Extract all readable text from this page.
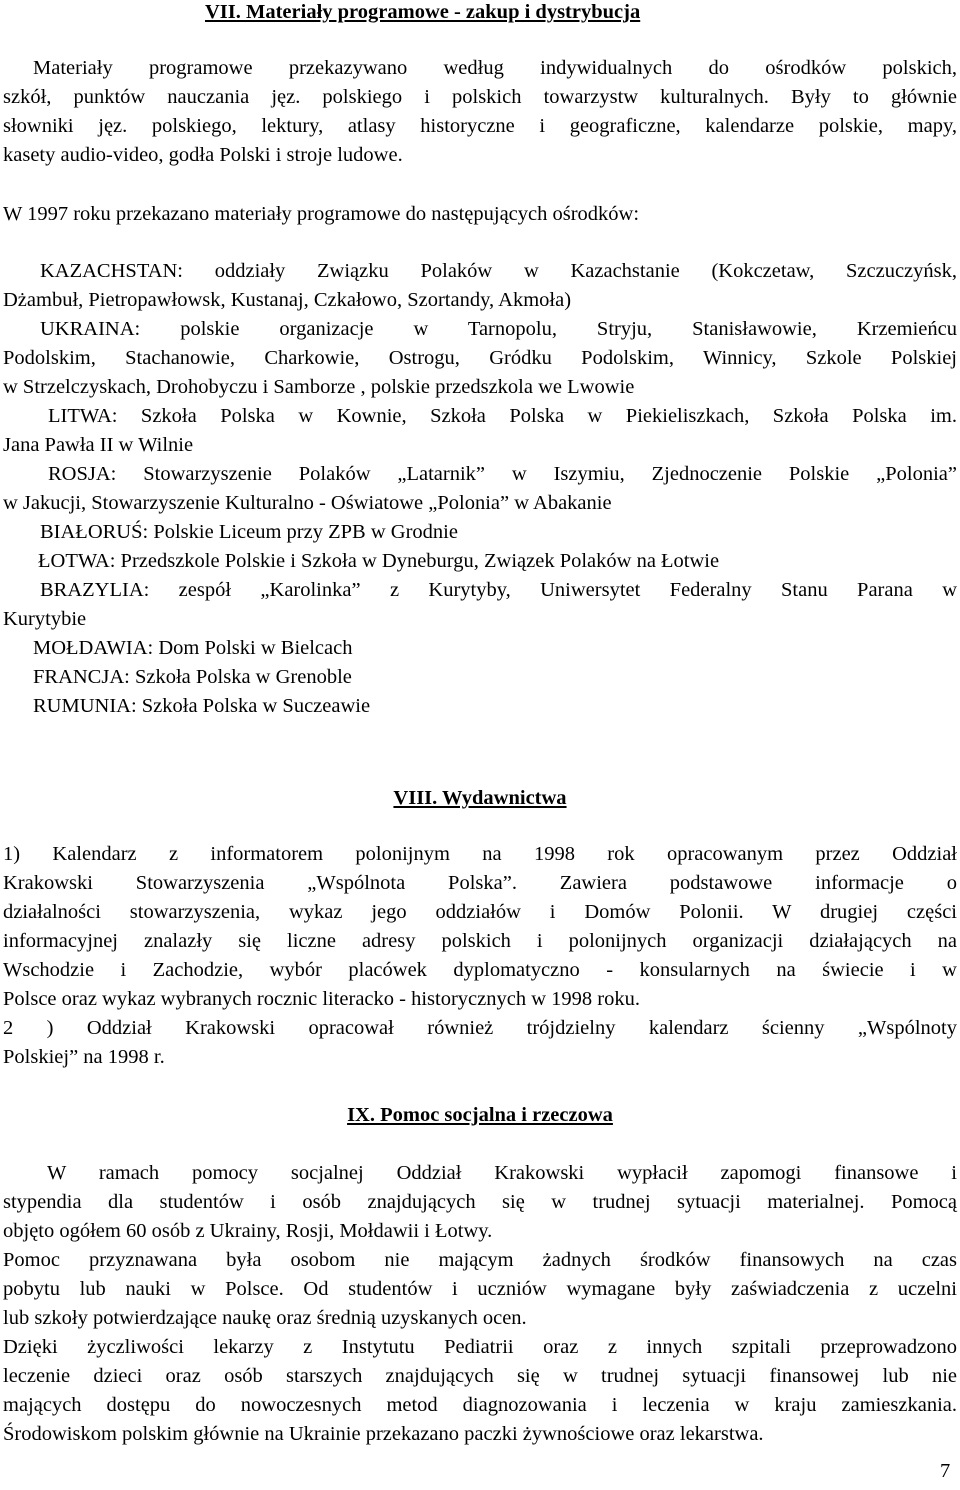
VII. Materiały programowe - zakup i dystrybucja
Materiały programowe przekazywano według indywidualnych do ośrodków polskich,
szkół, punktów nauczania jęz. polskiego i polskich towarzystw kulturalnych. Były to głównie
słowniki jęz. polskiego, lektury, atlasy historyczne i geograficzne, kalendarze polskie, mapy,
kasety audio-video, godła Polski i stroje ludowe.
W 1997 roku przekazano materiały programowe do następujących ośrodków:
KAZACHSTAN: oddziały Związku Polaków w Kazachstanie (Kokczetaw, Szczuczyńsk,
Dżambuł, Pietropawłowsk, Kustanaj, Czkałowo, Szortandy, Akmoła)
UKRAINA: polskie organizacje w Tarnopolu, Stryju, Stanisławowie, Krzemieńcu
Podolskim, Stachanowie, Charkowie, Ostrogu, Gródku Podolskim, Winnicy, Szkole Polskiej
w Strzelczyskach, Drohobyczu i Samborze , polskie przedszkola we Lwowie
LITWA: Szkoła Polska w Kownie, Szkoła Polska w Piekieliszkach, Szkoła Polska im.
Jana Pawła II w Wilnie
ROSJA: Stowarzyszenie Polaków „Latarnik” w Iszymiu, Zjednoczenie Polskie „Polonia”
w Jakucji, Stowarzyszenie Kulturalno - Oświatowe „Polonia” w Abakanie
BIAŁORUŚ: Polskie Liceum przy ZPB w Grodnie
ŁOTWA: Przedszkole Polskie i Szkoła w Dyneburgu, Związek Polaków na Łotwie
BRAZYLIA: zespół „Karolinka” z Kurytyby, Uniwersytet Federalny Stanu Parana w
Kurytybie
MOŁDAWIA: Dom Polski w Bielcach
FRANCJA: Szkoła Polska w Grenoble
RUMUNIA: Szkoła Polska w Suczeawie
VIII. Wydawnictwa
1) Kalendarz z informatorem polonijnym na 1998 rok opracowanym przez Oddział
Krakowski Stowarzyszenia „Wspólnota Polska”. Zawiera podstawowe informacje o
działalności stowarzyszenia, wykaz jego oddziałów i Domów Polonii. W drugiej części
informacyjnej znalazły się liczne adresy polskich i polonijnych organizacji działających na
Wschodzie i Zachodzie, wybór placówek dyplomatyczno - konsularnych na świecie i w
Polsce oraz wykaz wybranych rocznic literacko - historycznych w 1998 roku.
2 ) Oddział Krakowski opracował również trójdzielny kalendarz ścienny „Wspólnoty
Polskiej” na 1998 r.
IX. Pomoc socjalna i rzeczowa
W ramach pomocy socjalnej Oddział Krakowski wypłacił zapomogi finansowe i
stypendia dla studentów i osób znajdujących się w trudnej sytuacji materialnej. Pomocą
objęto ogółem 60 osób z Ukrainy, Rosji, Mołdawii i Łotwy.
Pomoc przyznawana była osobom nie mającym żadnych środków finansowych na czas
pobytu lub nauki w Polsce. Od studentów i uczniów wymagane były zaświadczenia z uczelni
lub szkoły potwierdzające naukę oraz średnią uzyskanych ocen.
Dzięki życzliwości lekarzy z Instytutu Pediatrii oraz z innych szpitali przeprowadzono
leczenie dzieci oraz osób starszych znajdujących się w trudnej sytuacji finansowej lub nie
mających dostępu do nowoczesnych metod diagnozowania i leczenia w kraju zamieszkania.
Środowiskom polskim głównie na Ukrainie przekazano paczki żywnościowe oraz lekarstwa.
7
